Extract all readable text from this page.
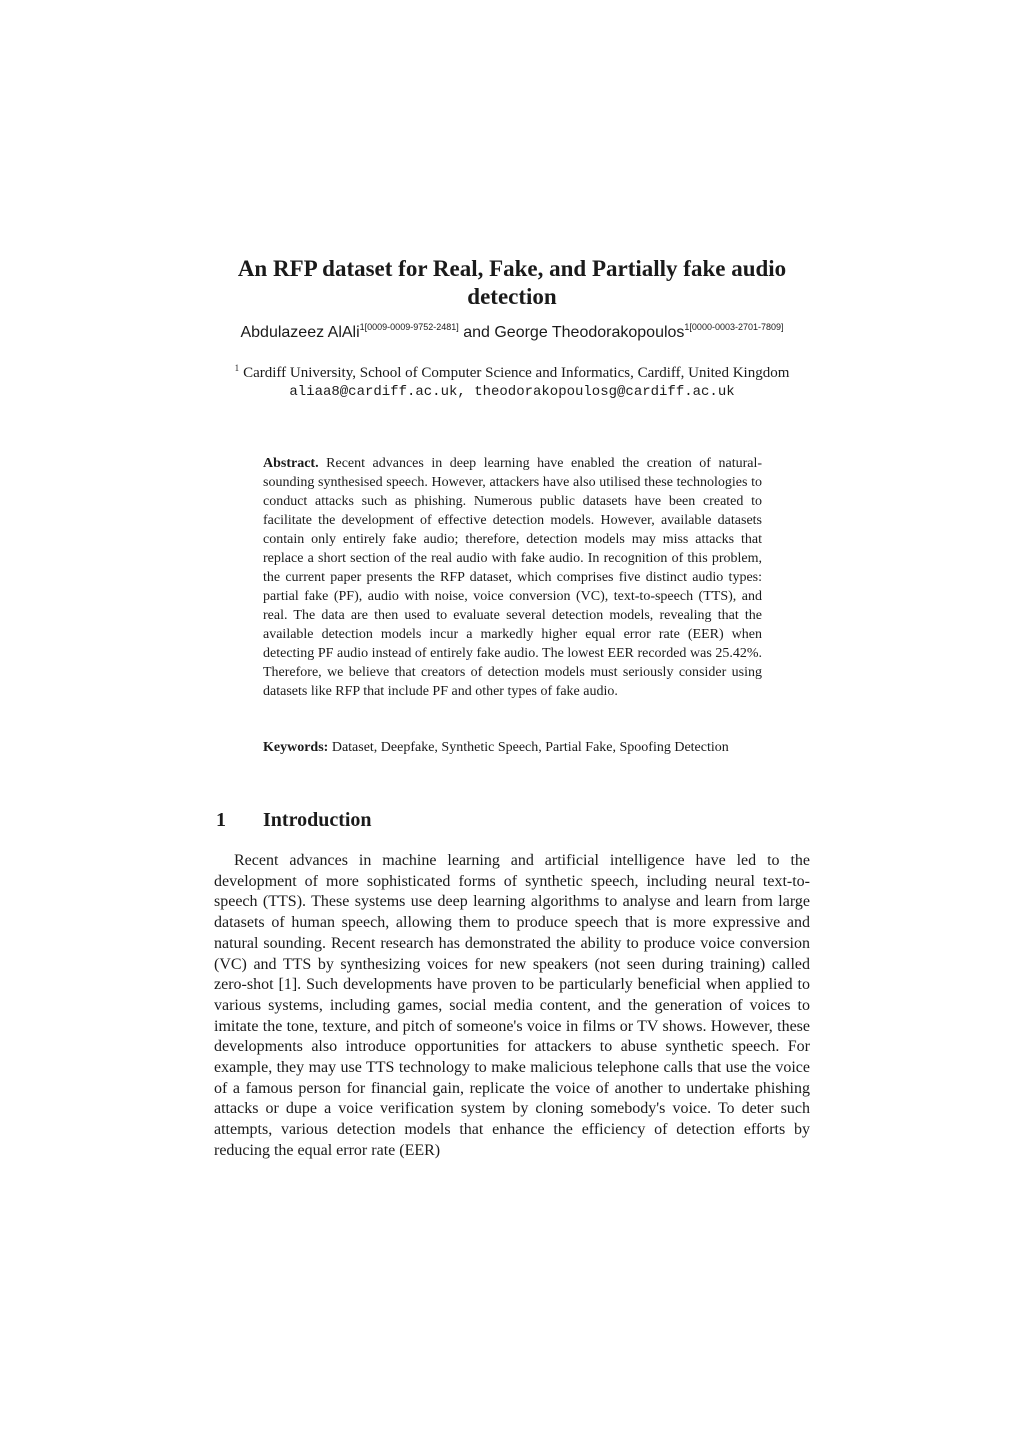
An RFP dataset for Real, Fake, and Partially fake audio detection
Abdulazeez AlAli$^{1[0009-0009-9752-2481]}$ and George Theodorakopoulos$^{1[0000-0003-2701-7809]}$
$^1$ Cardiff University, School of Computer Science and Informatics, Cardiff, United Kingdom
aliaa8@cardiff.ac.uk, theodorakopoulosg@cardiff.ac.uk

Abstract. Recent advances in deep learning have enabled the creation of natural-sounding synthesised speech. However, attackers have also utilised these technologies to conduct attacks such as phishing. Numerous public datasets have been created to facilitate the development of effective detection models. However, available datasets contain only entirely fake audio; therefore, detection models may miss attacks that replace a short section of the real audio with fake audio. In recognition of this problem, the current paper presents the RFP dataset, which comprises five distinct audio types: partial fake (PF), audio with noise, voice conversion (VC), text-to-speech (TTS), and real. The data are then used to evaluate several detection models, revealing that the available detection models incur a markedly higher equal error rate (EER) when detecting PF audio instead of entirely fake audio. The lowest EER recorded was 25.42%. Therefore, we believe that creators of detection models must seriously consider using datasets like RFP that include PF and other types of fake audio.

Keywords: Dataset, Deepfake, Synthetic Speech, Partial Fake, Spoofing Detection

1 Introduction

Recent advances in machine learning and artificial intelligence have led to the development of more sophisticated forms of synthetic speech, including neural text-to-speech (TTS). These systems use deep learning algorithms to analyse and learn from large datasets of human speech, allowing them to produce speech that is more expressive and natural sounding. Recent research has demonstrated the ability to produce voice conversion (VC) and TTS by synthesizing voices for new speakers (not seen during training) called zero-shot [1]. Such developments have proven to be particularly beneficial when applied to various systems, including games, social media content, and the generation of voices to imitate the tone, texture, and pitch of someone's voice in films or TV shows. However, these developments also introduce opportunities for attackers to abuse synthetic speech. For example, they may use TTS technology to make malicious telephone calls that use the voice of a famous person for financial gain, replicate the voice of another to undertake phishing attacks or dupe a voice verification system by cloning somebody's voice. To deter such attempts, various detection models that enhance the efficiency of detection efforts by reducing the equal error rate (EER)
